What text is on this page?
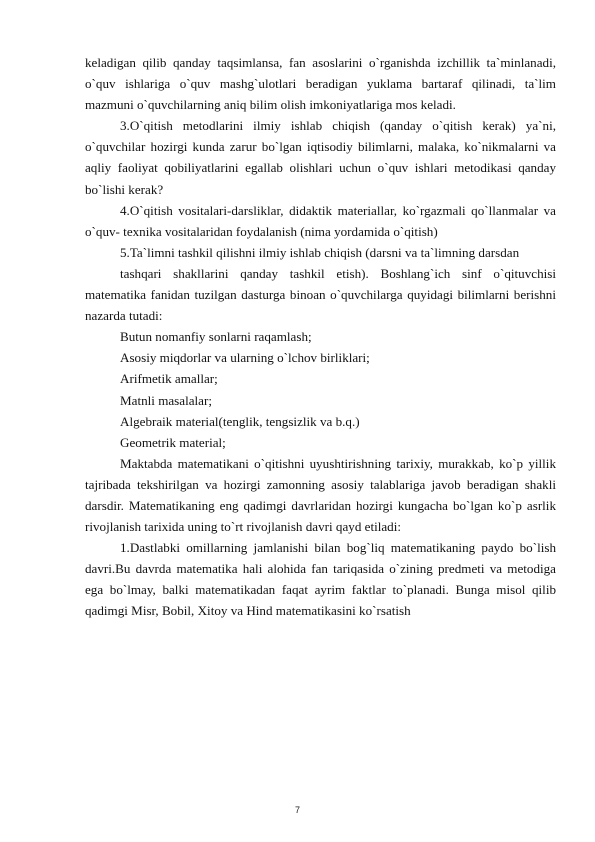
keladigan qilib qanday taqsimlansa, fan asoslarini o`rganishda izchillik ta`minlanadi, o`quv ishlariga o`quv mashg`ulotlari beradigan yuklama bartaraf qilinadi, ta`lim mazmuni o`quvchilarning aniq bilim olish imkoniyatlariga mos keladi.

3.O`qitish metodlarini ilmiy ishlab chiqish (qanday o`qitish kerak) ya`ni, o`quvchilar hozirgi kunda zarur bo`lgan iqtisodiy bilimlarni, malaka, ko`nikmalarni va aqliy faoliyat qobiliyatlarini egallab olishlari uchun o`quv ishlari metodikasi qanday bo`lishi kerak?

4.O`qitish vositalari-darsliklar, didaktik materiallar, ko`rgazmali qo`llanmalar va o`quv- texnika vositalaridan foydalanish (nima yordamida o`qitish)

5.Ta`limni tashkil qilishni ilmiy ishlab chiqish (darsni va ta`limning darsdan

tashqari shakllarini qanday tashkil etish). Boshlang`ich sinf o`qituvchisi matematika fanidan tuzilgan dasturga binoan o`quvchilarga quyidagi bilimlarni berishni nazarda tutadi:

Butun nomanfiy sonlarni raqamlash;

Asosiy miqdorlar va ularning o`lchov birliklari;

Arifmetik amallar;

Matnli masalalar;

Algebraik material(tenglik, tengsizlik va b.q.)

Geometrik material;

Maktabda matematikani o`qitishni uyushtirishning tarixiy, murakkab, ko`p yillik tajribada tekshirilgan va hozirgi zamonning asosiy talablariga javob beradigan shakli darsdir. Matematikaning eng qadimgi davrlaridan hozirgi kungacha bo`lgan ko`p asrlik rivojlanish tarixida uning to`rt rivojlanish davri qayd etiladi:

1.Dastlabki omillarning jamlanishi bilan bog`liq matematikaning paydo bo`lish davri.Bu davrda matematika hali alohida fan tariqasida o`zining predmeti va metodiga ega bo`lmay, balki matematikadan faqat ayrim faktlar to`planadi. Bunga misol qilib qadimgi Misr, Bobil, Xitoy va Hind matematikasini ko`rsatish

7
